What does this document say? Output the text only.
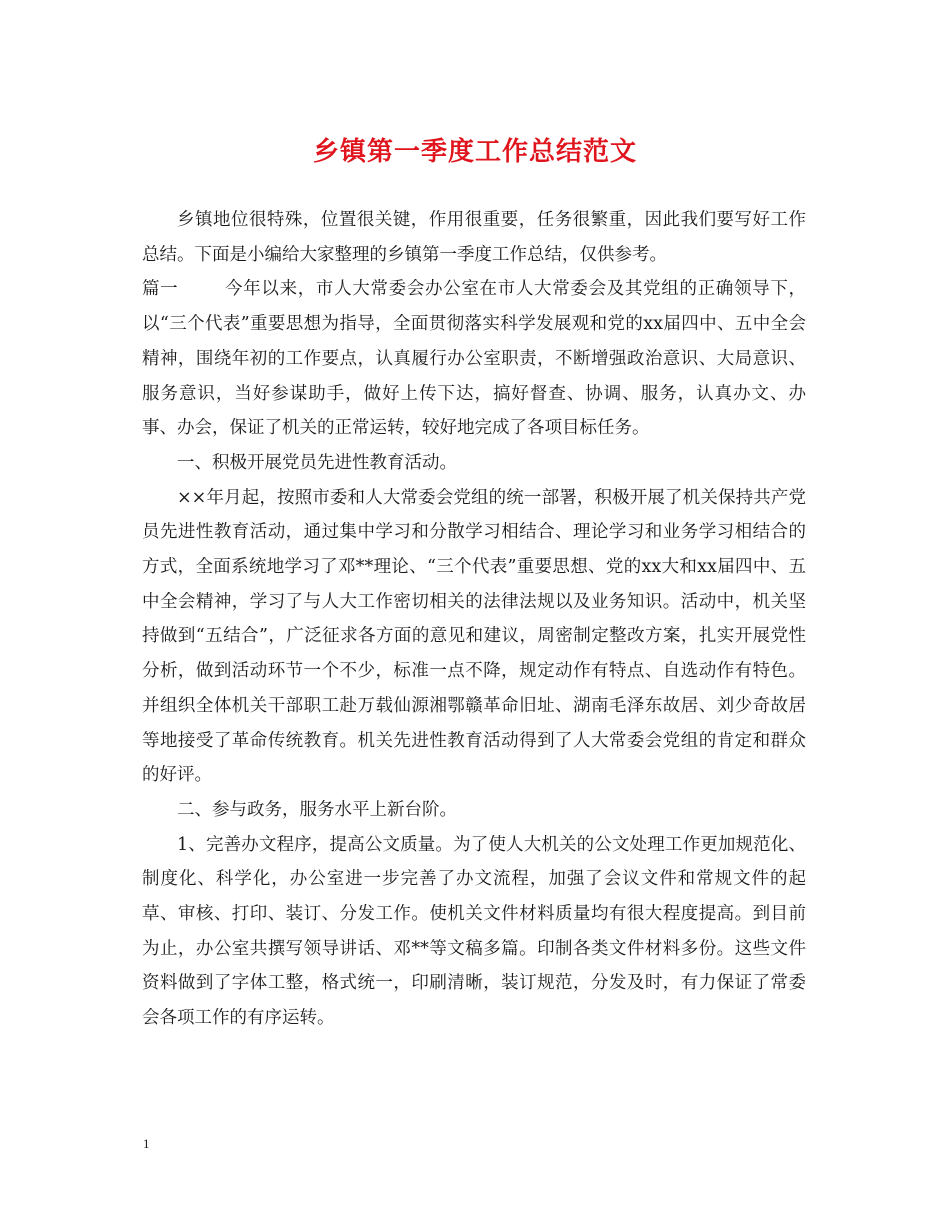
乡镇第一季度工作总结范文

乡镇地位很特殊，位置很关键，作用很重要，任务很繁重，因此我们要写好工作总结。下面是小编给大家整理的乡镇第一季度工作总结，仅供参考。

篇一	今年以来，市人大常委会办公室在市人大常委会及其党组的正确领导下，以“三个代表”重要思想为指导，全面贯彻落实科学发展观和党的xx届四中、五中全会精神，围绕年初的工作要点，认真履行办公室职责，不断增强政治意识、大局意识、服务意识，当好参谋助手，做好上传下达，搞好督查、协调、服务，认真办文、办事、办会，保证了机关的正常运转，较好地完成了各项目标任务。

一、积极开展党员先进性教育活动。

××年月起，按照市委和人大常委会党组的统一部署，积极开展了机关保持共产党员先进性教育活动，通过集中学习和分散学习相结合、理论学习和业务学习相结合的方式，全面系统地学习了邓**理论、“三个代表”重要思想、党的xx大和xx届四中、五中全会精神，学习了与人大工作密切相关的法律法规以及业务知识。活动中，机关坚持做到“五结合”，广泛征求各方面的意见和建议，周密制定整改方案，扎实开展党性分析，做到活动环节一个不少，标准一点不降，规定动作有特点、自选动作有特色。并组织全体机关干部职工赴万载仙源湘鄂赣革命旧址、湖南毛泽东故居、刘少奇故居等地接受了革命传统教育。机关先进性教育活动得到了人大常委会党组的肯定和群众的好评。

二、参与政务，服务水平上新台阶。

1、完善办文程序，提高公文质量。为了使人大机关的公文处理工作更加规范化、制度化、科学化，办公室进一步完善了办文流程，加强了会议文件和常规文件的起草、审核、打印、装订、分发工作。使机关文件材料质量均有很大程度提高。到目前为止，办公室共撰写领导讲话、邓**等文稿多篇。印制各类文件材料多份。这些文件资料做到了字体工整，格式统一，印刷清晰，装订规范，分发及时，有力保证了常委会各项工作的有序运转。

1
